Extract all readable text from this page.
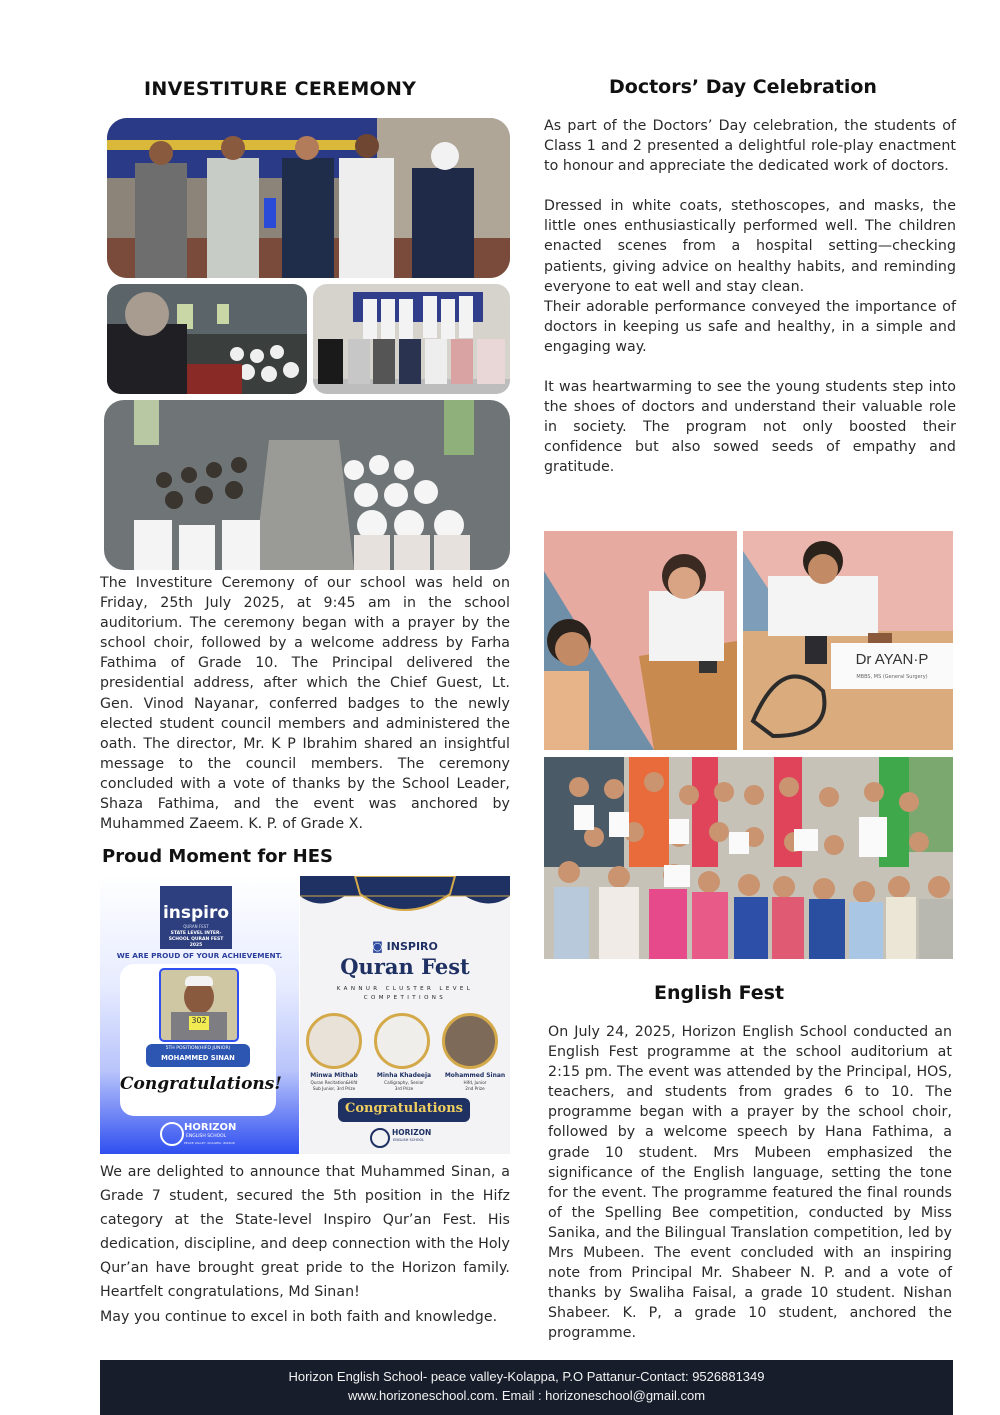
INVESTITURE CEREMONY

The Investiture Ceremony of our school was held on Friday, 25th July 2025, at 9:45 am in the school auditorium. The ceremony began with a prayer by the school choir, followed by a welcome address by Farha Fathima of Grade 10. The Principal delivered the presidential address, after which the Chief Guest, Lt. Gen. Vinod Nayanar, conferred badges to the newly elected student council members and administered the oath. The director, Mr. K P Ibrahim shared an insightful message to the council members. The ceremony concluded with a vote of thanks by the School Leader, Shaza Fathima, and the event was anchored by Muhammed Zaeem. K. P. of Grade X.

Proud Moment for HES
inspiro
QURAN FEST
STATE LEVEL INTER-SCHOOL QURAN FEST 2025
WE ARE PROUD OF YOUR ACHIEVEMENT.
302
5TH POSITION(HIFD JUNIOR)
MOHAMMED SINAN
Congratulations!
HORIZON
ENGLISH SCHOOL
PEACE VALLEY, KOLAPPA, IRIKKUR
◙ INSPIRO
Quran Fest
KANNUR CLUSTER LEVEL
COMPETITIONS
Minwa Mithab
Quran Recitation&Hifd
Sub Junior, 3rd Prize
Minha Khadeeja
Calligraphy, Senior
3rd Prize
Mohammed Sinan
Hifd, Junior
2nd Prize
Congratulations
HORIZON
ENGLISH SCHOOL

We are delighted to announce that Muhammed Sinan, a Grade 7 student, secured the 5th position in the Hifz category at the State-level Inspiro Qur’an Fest. His dedication, discipline, and deep connection with the Holy Qur’an have brought great pride to the Horizon family. Heartfelt congratulations, Md Sinan!

May you continue to excel in both faith and knowledge.

Doctors’ Day Celebration

As part of the Doctors’ Day celebration, the students of Class 1 and 2 presented a delightful role-play enactment to honour and appreciate the dedicated work of doctors.

Dressed in white coats, stethoscopes, and masks, the little ones enthusiastically performed well. The children enacted scenes from a hospital setting—checking patients, giving advice on healthy habits, and reminding everyone to eat well and stay clean.

Their adorable performance conveyed the importance of doctors in keeping us safe and healthy, in a simple and engaging way.

It was heartwarming to see the young students step into the shoes of doctors and understand their valuable role in society. The program not only boosted their confidence but also sowed seeds of empathy and gratitude.

Dr AYAN·P
MBBS, MS (General Surgery)
English Fest

On July 24, 2025, Horizon English School conducted an English Fest programme at the school auditorium at 2:15 pm. The event was attended by the Principal, HOS, teachers, and students from grades 6 to 10. The programme began with a prayer by the school choir, followed by a welcome speech by Hana Fathima, a grade 10 student. Mrs Mubeen emphasized the significance of the English language, setting the tone for the event. The programme featured the final rounds of the Spelling Bee competition, conducted by Miss Sanika, and the Bilingual Translation competition, led by Mrs Mubeen. The event concluded with an inspiring note from Principal Mr. Shabeer N. P. and a vote of thanks by Swaliha Faisal, a grade 10 student. Nishan Shabeer. K. P, a grade 10 student, anchored the programme.

Horizon English School- peace valley-Kolappa, P.O Pattanur-Contact: 9526881349
www.horizoneschool.com. Email : horizoneschool@gmail.com
